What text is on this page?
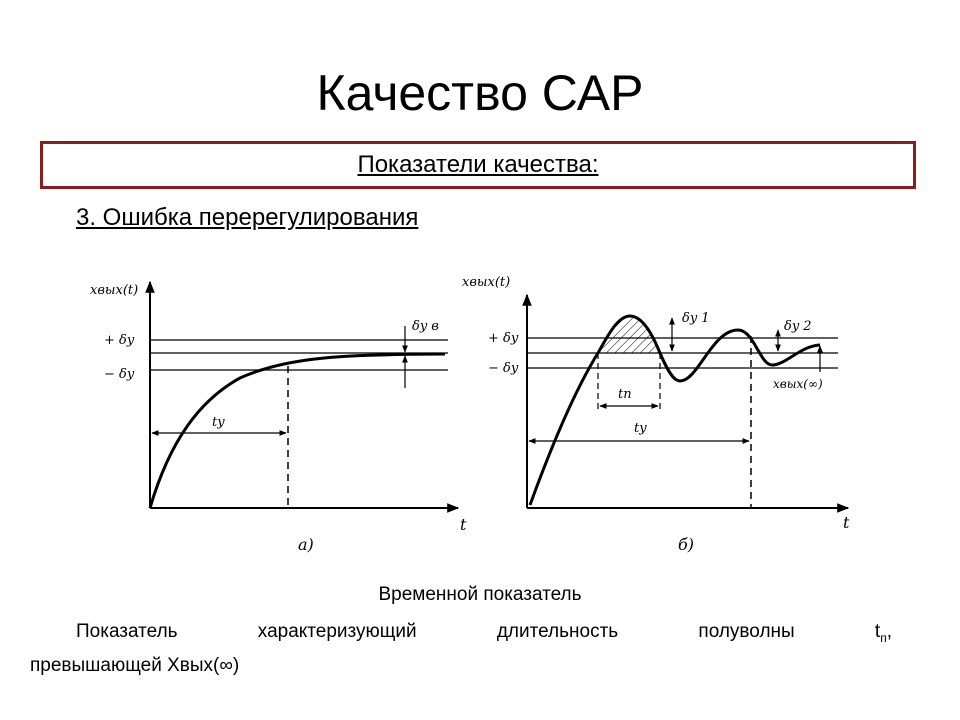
Качество САР
Показатели качества:
3. Ошибка перерегулирования
xвых(t)
+ δy
− δy
δy в
ty
t
а)
xвых(t)
+ δy
− δy
δy 1
δy 2
xвых(∞)
tn
ty
t
б)
Временной показатель
Показатель	характеризующий	длительность	полуволны	$t_п$,
превышающей Хвых(∞)
